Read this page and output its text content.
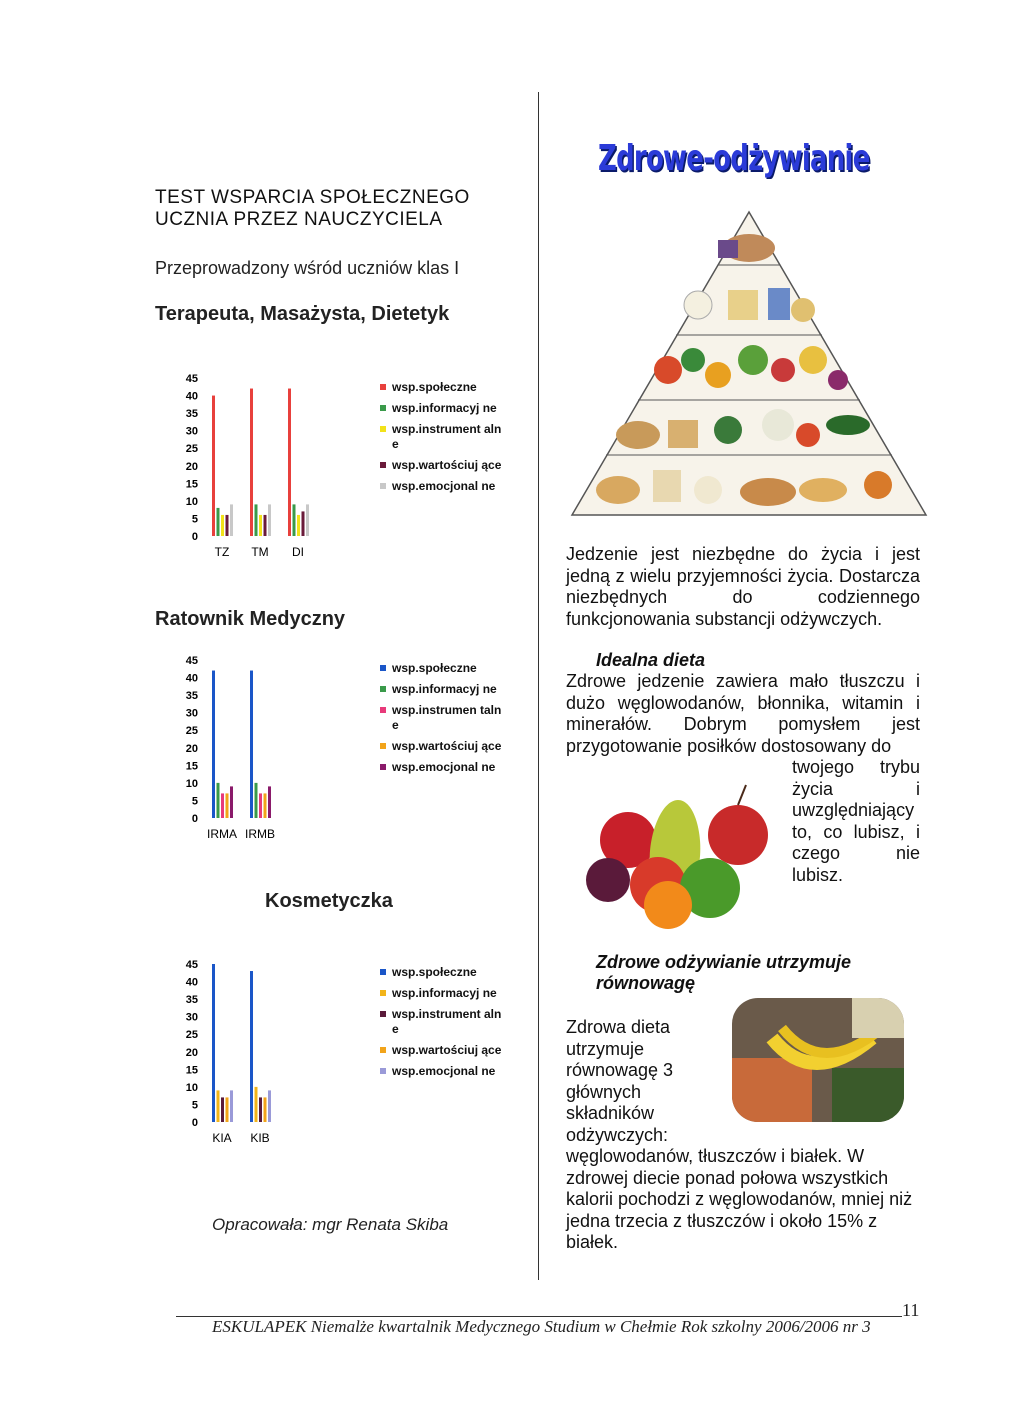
TEST WSPARCIA SPOŁECZNEGO
UCZNIA PRZEZ NAUCZYCIELA
Przeprowadzony wśród uczniów klas I
Terapeuta, Masażysta, Dietetyk
45
40
35
30
25
20
15
10
5
0
TZ TM DI
wsp.społeczne
wsp.informacyj ne
wsp.instrument alne
wsp.wartościuj ące
wsp.emocjonal ne
Ratownik Medyczny
45
40
35
30
25
20
15
10
5
0
IRMA IRMB
wsp.społeczne
wsp.informacyj ne
wsp.instrumen talne
wsp.wartościuj ące
wsp.emocjonal ne
Kosmetyczka
45
40
35
30
25
20
15
10
5
0
KIA KIB
wsp.społeczne
wsp.informacyj ne
wsp.instrument alne
wsp.wartościuj ące
wsp.emocjonal ne
Opracowała: mgr Renata Skiba
Zdrowe-odżywianie
Jedzenie jest niezbędne do życia i jest jedną z wielu przyjemności życia. Dostarcza niezbędnych do codziennego funkcjonowania substancji odżywczych.
Idealna dieta
Zdrowe jedzenie zawiera mało tłuszczu i dużo węglowodanów, błonnika, witamin i minerałów. Dobrym pomysłem jest przygotowanie posiłków dostosowany do
twojego trybu życia i uwzględniający to, co lubisz, i czego nie lubisz.
Zdrowe odżywianie utrzymuje
równowagę
Zdrowa dieta utrzymuje równowagę 3 głównych składników odżywczych:
węglowodanów, tłuszczów i białek. W zdrowej diecie ponad połowa wszystkich kalorii pochodzi z węglowodanów, mniej niż jedna trzecia z tłuszczów i około 15% z białek.
11
ESKULAPEK Niemalże kwartalnik Medycznego Studium w Chełmie Rok szkolny 2006/2006 nr 3
